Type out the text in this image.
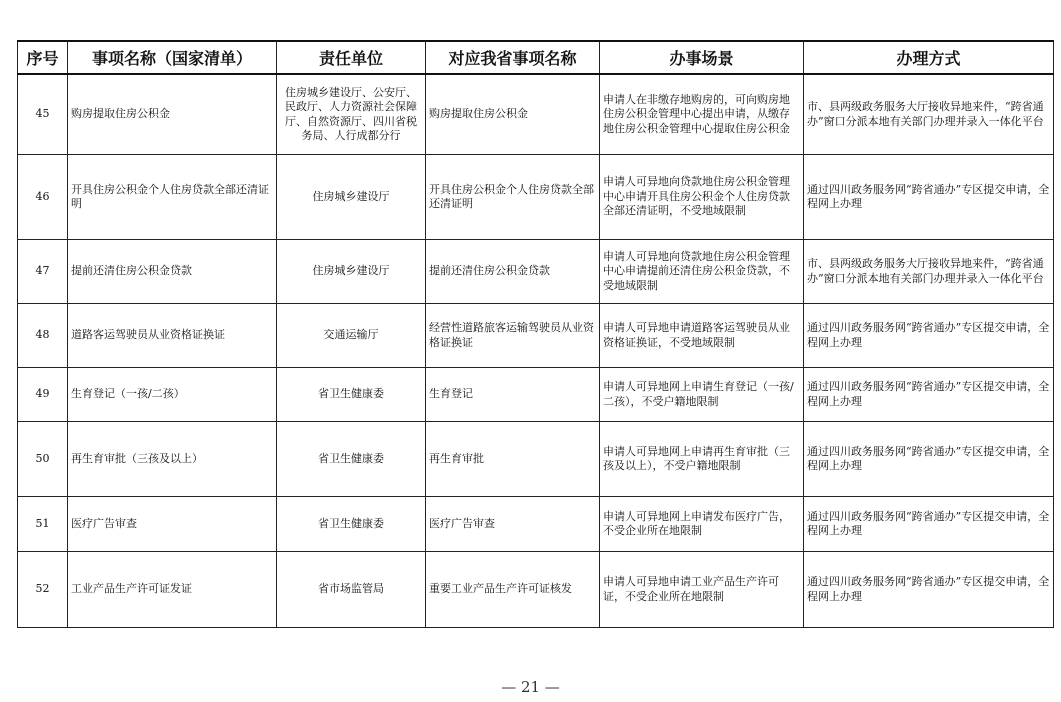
序号	事项名称（国家清单）	责任单位	对应我省事项名称	办事场景	办理方式
45	购房提取住房公积金	住房城乡建设厅、公安厅、民政厅、人力资源社会保障厅、自然资源厅、四川省税务局、人行成都分行	购房提取住房公积金	申请人在非缴存地购房的，可向购房地住房公积金管理中心提出申请，从缴存地住房公积金管理中心提取住房公积金	市、县两级政务服务大厅接收异地来件，“跨省通办”窗口分派本地有关部门办理并录入一体化平台
46	开具住房公积金个人住房贷款全部还清证明	住房城乡建设厅	开具住房公积金个人住房贷款全部还清证明	申请人可异地向贷款地住房公积金管理中心申请开具住房公积金个人住房贷款全部还清证明，不受地域限制	通过四川政务服务网“跨省通办”专区提交申请，全程网上办理
47	提前还清住房公积金贷款	住房城乡建设厅	提前还清住房公积金贷款	申请人可异地向贷款地住房公积金管理中心申请提前还清住房公积金贷款，不受地域限制	市、县两级政务服务大厅接收异地来件，“跨省通办”窗口分派本地有关部门办理并录入一体化平台
48	道路客运驾驶员从业资格证换证	交通运输厅	经营性道路旅客运输驾驶员从业资格证换证	申请人可异地申请道路客运驾驶员从业资格证换证，不受地域限制	通过四川政务服务网“跨省通办”专区提交申请，全程网上办理
49	生育登记（一孩/二孩）	省卫生健康委	生育登记	申请人可异地网上申请生育登记（一孩/二孩），不受户籍地限制	通过四川政务服务网“跨省通办”专区提交申请，全程网上办理
50	再生育审批（三孩及以上）	省卫生健康委	再生育审批	申请人可异地网上申请再生育审批（三孩及以上），不受户籍地限制	通过四川政务服务网“跨省通办”专区提交申请，全程网上办理
51	医疗广告审查	省卫生健康委	医疗广告审查	申请人可异地网上申请发布医疗广告，不受企业所在地限制	通过四川政务服务网“跨省通办”专区提交申请，全程网上办理
52	工业产品生产许可证发证	省市场监管局	重要工业产品生产许可证核发	申请人可异地申请工业产品生产许可证，不受企业所在地限制	通过四川政务服务网“跨省通办”专区提交申请，全程网上办理
— 21 —
